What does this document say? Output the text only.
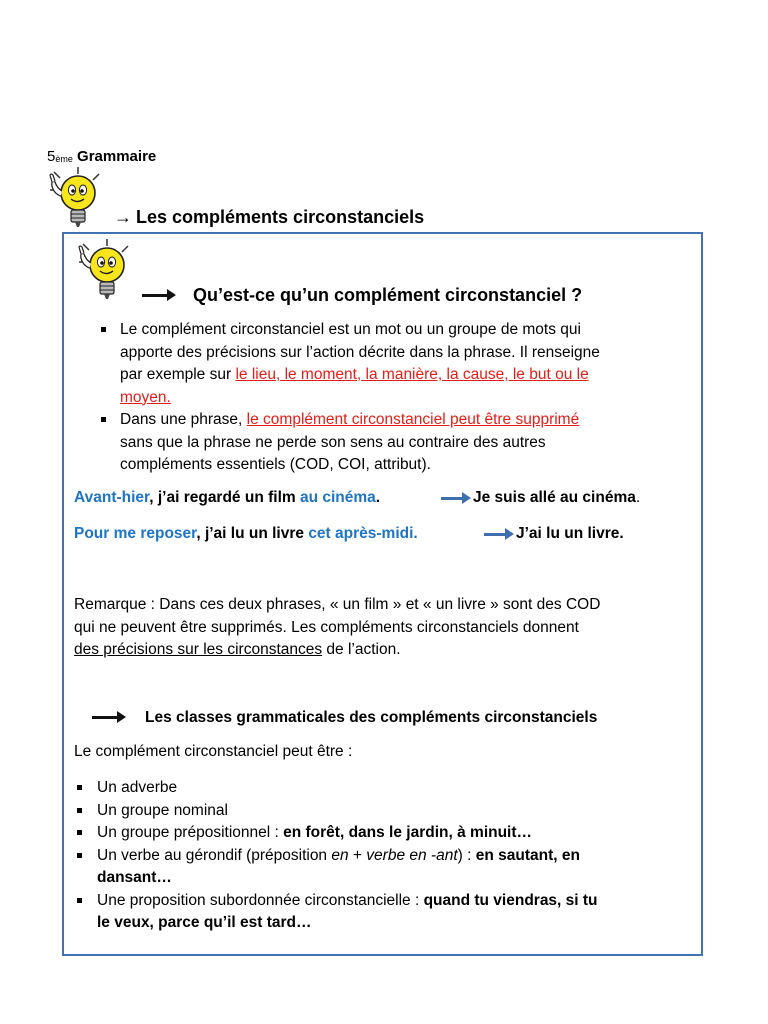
5ème Grammaire
→ Les compléments circonstanciels
Qu’est-ce qu’un complément circonstanciel ?
Le complément circonstanciel est un mot ou un groupe de mots qui
apporte des précisions sur l’action décrite dans la phrase. Il renseigne
par exemple sur le lieu, le moment, la manière, la cause, le but ou le
moyen.
Dans une phrase, le complément circonstanciel peut être supprimé
sans que la phrase ne perde son sens au contraire des autres
compléments essentiels (COD, COI, attribut).
Avant-hier, j’ai regardé un film au cinéma.	Je suis allé au cinéma.
Pour me reposer, j’ai lu un livre cet après-midi.	J’ai lu un livre.
Remarque : Dans ces deux phrases, « un film » et « un livre » sont des COD
qui ne peuvent être supprimés. Les compléments circonstanciels donnent
des précisions sur les circonstances de l’action.
Les classes grammaticales des compléments circonstanciels
Le complément circonstanciel peut être :
Un adverbe
Un groupe nominal
Un groupe prépositionnel : en forêt, dans le jardin, à minuit…
Un verbe au gérondif (préposition en + verbe en -ant) : en sautant, en
dansant…
Une proposition subordonnée circonstancielle : quand tu viendras, si tu
le veux, parce qu’il est tard…
